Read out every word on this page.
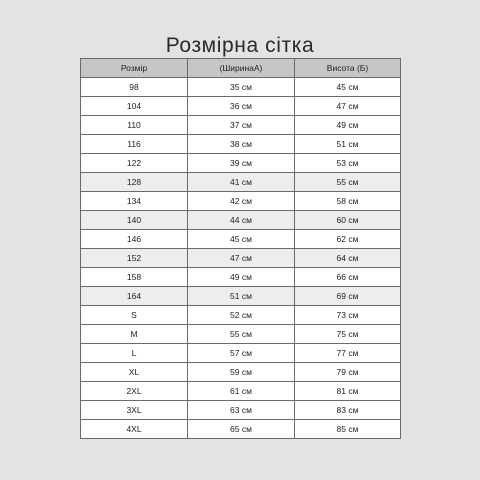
Розмірна сітка
Розмір	(ШиринаА)	Висота (Б)
98	35 см	45 см
104	36 см	47 см
110	37 см	49 см
116	38 см	51 см
122	39 см	53 см
128	41 см	55 см
134	42 см	58 см
140	44 см	60 см
146	45 см	62 см
152	47 см	64 см
158	49 см	66 см
164	51 см	69 см
S	52 см	73 см
M	55 см	75 см
L	57 см	77 см
XL	59 см	79 см
2XL	61 см	81 см
3XL	63 см	83 см
4XL	65 см	85 см
